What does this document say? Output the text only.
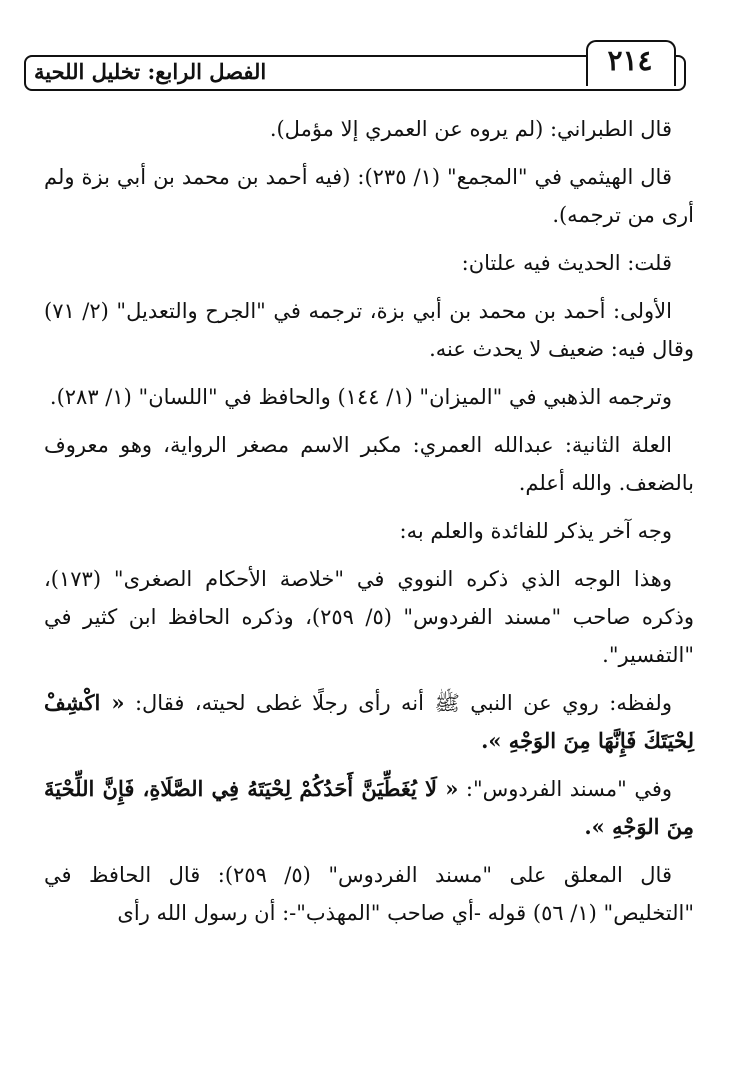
الفصل الرابع: تخليل اللحية	٢١٤

قال الطبراني: (لم يروه عن العمري إلا مؤمل).

قال الهيثمي في "المجمع" (١/ ٢٣٥): (فيه أحمد بن محمد بن أبي بزة ولم أرى من ترجمه).

قلت: الحديث فيه علتان:

الأولى: أحمد بن محمد بن أبي بزة، ترجمه في "الجرح والتعديل" (٢/ ٧١) وقال فيه: ضعيف لا يحدث عنه.

وترجمه الذهبي في "الميزان" (١/ ١٤٤) والحافظ في "اللسان" (١/ ٢٨٣).

العلة الثانية: عبدالله العمري: مكبر الاسم مصغر الرواية، وهو معروف بالضعف. والله أعلم.

وجه آخر يذكر للفائدة والعلم به:

وهذا الوجه الذي ذكره النووي في "خلاصة الأحكام الصغرى" (١٧٣)، وذكره صاحب "مسند الفردوس" (٥/ ٢٥٩)، وذكره الحافظ ابن كثير في "التفسير".

ولفظه: روي عن النبي ﷺ أنه رأى رجلًا غطى لحيته، فقال: « اكْشِفْ لِحْيَتَكَ فَإِنَّهَا مِنَ الوَجْهِ ».

وفي "مسند الفردوس": « لَا يُغَطِّيَنَّ أَحَدُكُمْ لِحْيَتَهُ فِي الصَّلَاةِ، فَإِنَّ اللِّحْيَةَ مِنَ الوَجْهِ ».

قال المعلق على "مسند الفردوس" (٥/ ٢٥٩): قال الحافظ في "التخليص" (١/ ٥٦) قوله -أي صاحب "المهذب"-: أن رسول الله رأى
